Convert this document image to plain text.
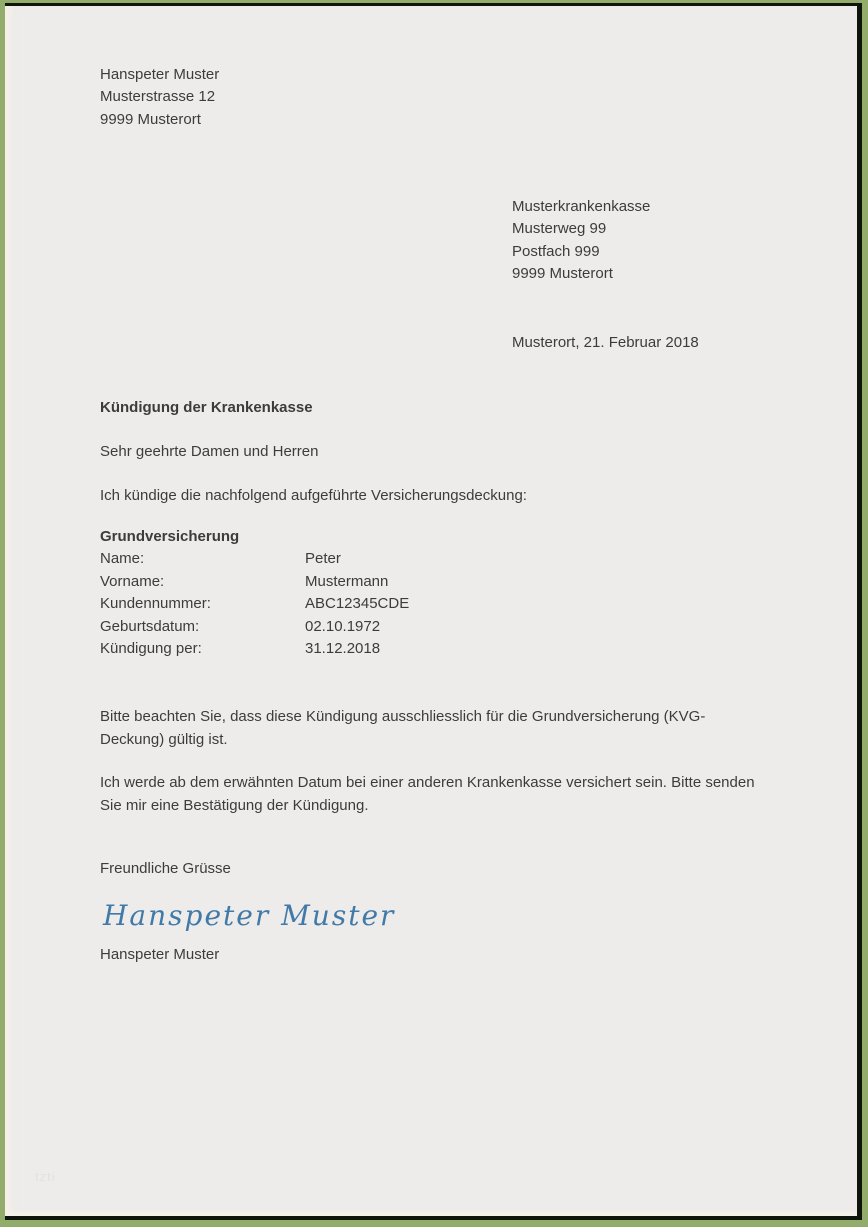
Hanspeter Muster
Musterstrasse 12
9999 Musterort
Musterkrankenkasse
Musterweg 99
Postfach 999
9999 Musterort
Musterort, 21. Februar 2018
Kündigung der Krankenkasse
Sehr geehrte Damen und Herren
Ich kündige die nachfolgend aufgeführte Versicherungsdeckung:
Grundversicherung
Name:	Peter
Vorname:	Mustermann
Kundennummer:	ABC12345CDE
Geburtsdatum:	02.10.1972
Kündigung per:	31.12.2018

Bitte beachten Sie, dass diese Kündigung ausschliesslich für die Grundversicherung (KVG-Deckung) gültig ist.

Ich werde ab dem erwähnten Datum bei einer anderen Krankenkasse versichert sein. Bitte senden Sie mir eine Bestätigung der Kündigung.

Freundliche Grüsse
Hanspeter Muster
Hanspeter Muster
tzti
